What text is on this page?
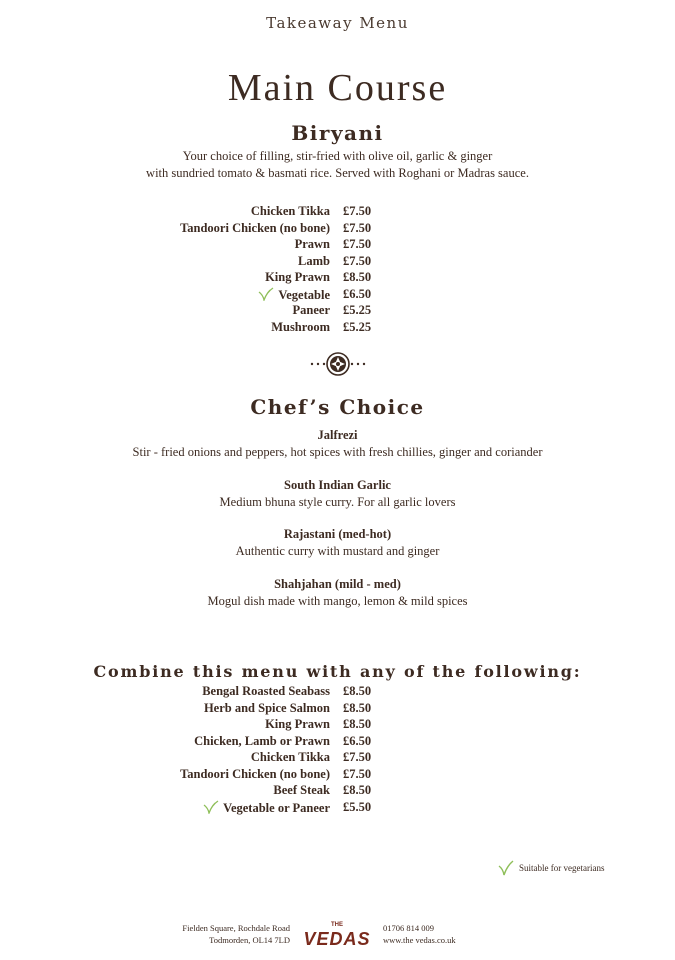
Takeaway Menu
Main Course
Biryani
Your choice of filling, stir-fried with olive oil, garlic & ginger
with sundried tomato & basmati rice. Served with Roghani or Madras sauce.
Chicken Tikka £7.50
Tandoori Chicken (no bone) £7.50
Prawn £7.50
Lamb £7.50
King Prawn £8.50
Vegetable £6.50
Paneer £5.25
Mushroom £5.25
Chef’s Choice
Jalfrezi
Stir - fried onions and peppers, hot spices with fresh chillies, ginger and coriander
South Indian Garlic
Medium bhuna style curry. For all garlic lovers
Rajastani (med-hot)
Authentic curry with mustard and ginger
Shahjahan (mild - med)
Mogul dish made with mango, lemon & mild spices
Combine this menu with any of the following:
Bengal Roasted Seabass £8.50
Herb and Spice Salmon £8.50
King Prawn £8.50
Chicken, Lamb or Prawn £6.50
Chicken Tikka £7.50
Tandoori Chicken (no bone) £7.50
Beef Steak £8.50
Vegetable or Paneer £5.50
Suitable for vegetarians
Fielden Square, Rochdale Road
Todmorden, OL14 7LD
THE
VEDAS
01706 814 009
www.the vedas.co.uk
